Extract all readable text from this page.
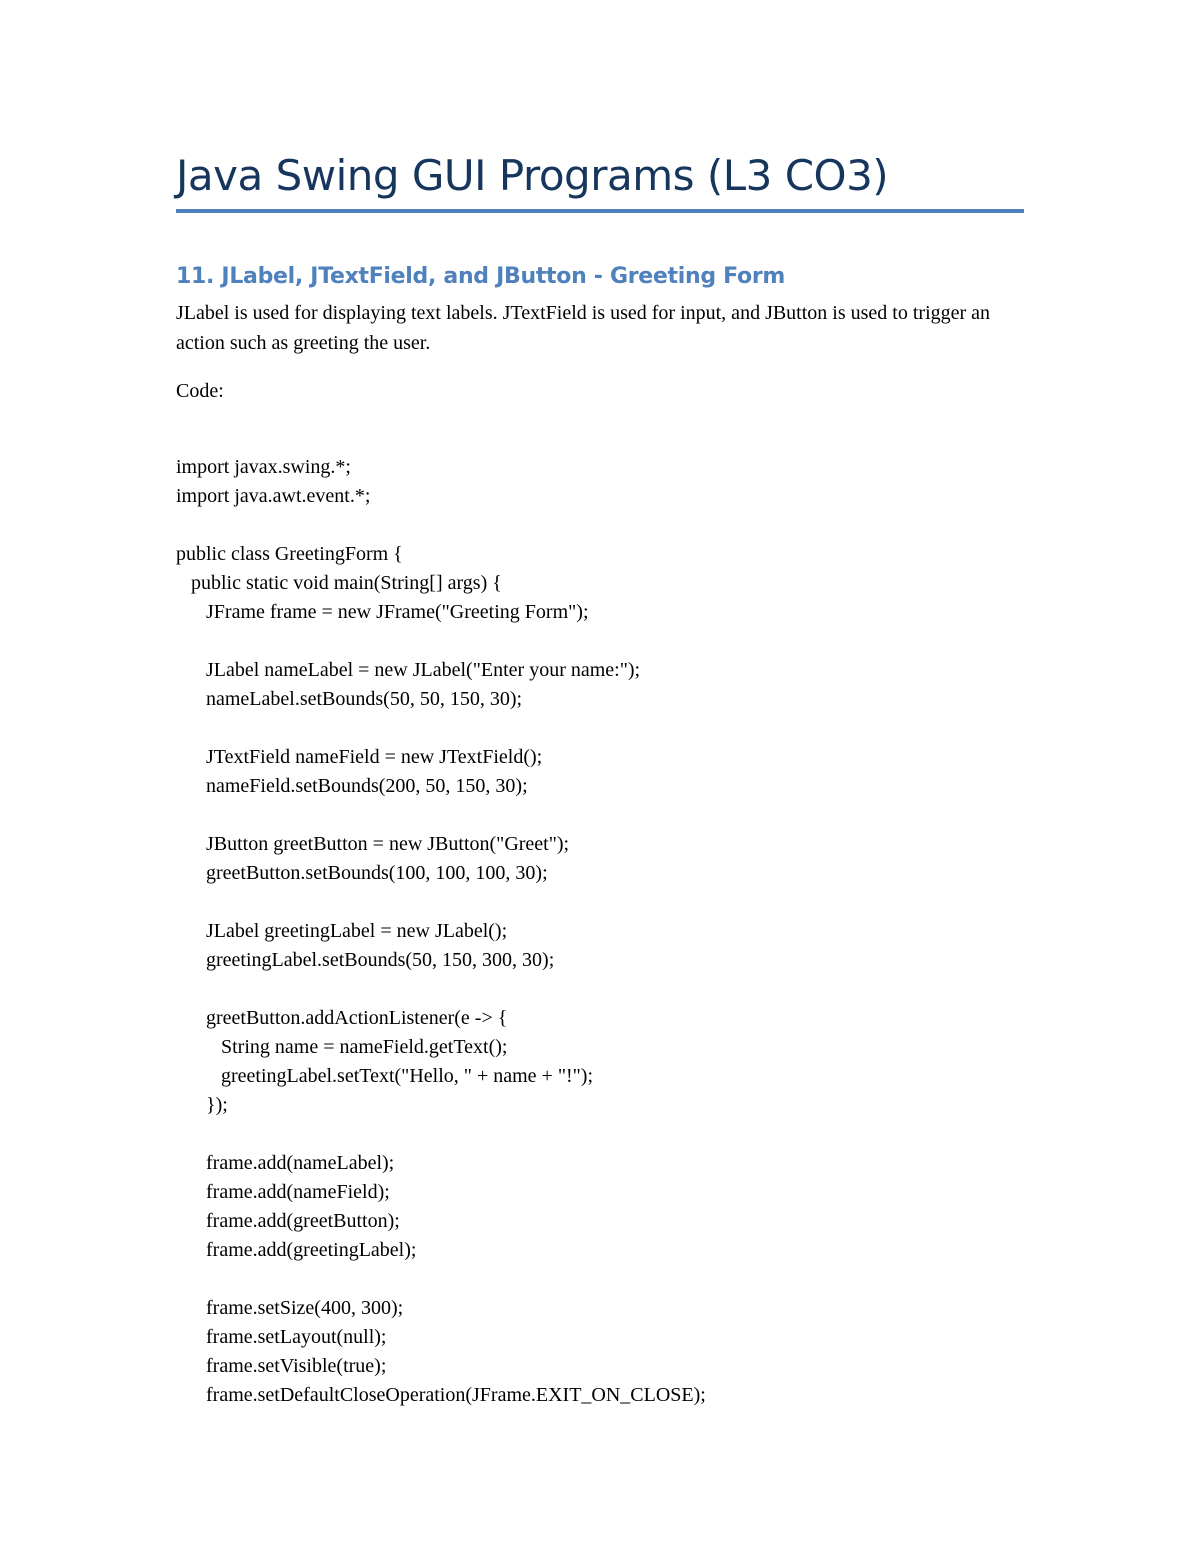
Java Swing GUI Programs (L3 CO3)
11. JLabel, JTextField, and JButton - Greeting Form

JLabel is used for displaying text labels. JTextField is used for input, and JButton is used to trigger an action such as greeting the user.

Code:

import javax.swing.*;
import java.awt.event.*;
public class GreetingForm {
public static void main(String[] args) {
JFrame frame = new JFrame("Greeting Form");
JLabel nameLabel = new JLabel("Enter your name:");
nameLabel.setBounds(50, 50, 150, 30);
JTextField nameField = new JTextField();
nameField.setBounds(200, 50, 150, 30);
JButton greetButton = new JButton("Greet");
greetButton.setBounds(100, 100, 100, 30);
JLabel greetingLabel = new JLabel();
greetingLabel.setBounds(50, 150, 300, 30);
greetButton.addActionListener(e -> {
String name = nameField.getText();
greetingLabel.setText("Hello, " + name + "!");
});
frame.add(nameLabel);
frame.add(nameField);
frame.add(greetButton);
frame.add(greetingLabel);
frame.setSize(400, 300);
frame.setLayout(null);
frame.setVisible(true);
frame.setDefaultCloseOperation(JFrame.EXIT_ON_CLOSE);
